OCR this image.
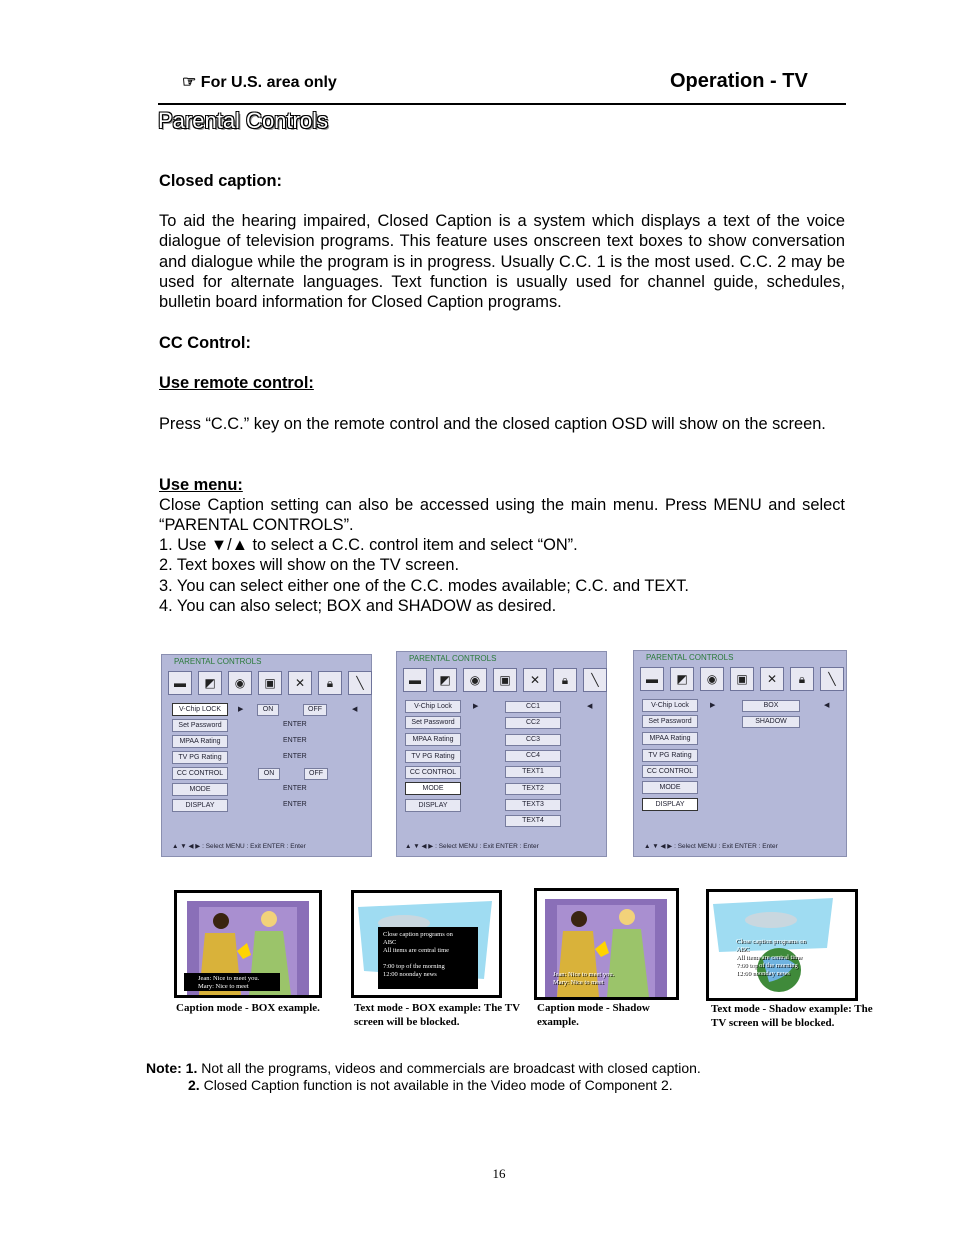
☞ For U.S. area only	Operation - TV
Parental Controls
Closed caption:
To aid the hearing impaired, Closed Caption is a system which displays a text of the voice dialogue of television programs. This feature uses onscreen text boxes to show conversation and dialogue while the program is in progress. Usually C.C. 1 is the most used. C.C. 2 may be used for alternate languages. Text function is usually used for channel guide, schedules, bulletin board information for Closed Caption programs.
CC Control:
Use remote control:
Press “C.C.” key on the remote control and the closed caption OSD will show on the screen.
Use menu:
Close Caption setting can also be accessed using the main menu. Press MENU and select “PARENTAL CONTROLS”.
1. Use ▼/▲ to select a C.C. control item and select “ON”.
2. Text boxes will show on the TV screen.
3. You can select either one of the C.C. modes available; C.C. and TEXT.
4. You can also select; BOX and SHADOW as desired.
PARENTAL CONTROLS
▬	◩	◉	▣	✕	🔒︎	╲
V-Chip LOCK
Set Password
MPAA Rating
TV PG Rating
CC CONTROL
MODE
DISPLAY
▶	ON	OFF	◀
ENTER
ENTER
ENTER
ON	OFF
ENTER
ENTER
▲ ▼ ◀ ▶ : Select MENU : Exit ENTER : Enter
PARENTAL CONTROLS
▬	◩	◉	▣	✕	🔒︎	╲
V-Chip Lock
Set Password
MPAA Rating
TV PG Rating
CC CONTROL
MODE
DISPLAY
▶	CC1
CC2
CC3
CC4
TEXT1
TEXT2
TEXT3
TEXT4
◀
▲ ▼ ◀ ▶ : Select MENU : Exit ENTER : Enter
PARENTAL CONTROLS
▬	◩	◉	▣	✕	🔒︎	╲
V-Chip Lock
Set Password
MPAA Rating
TV PG Rating
CC CONTROL
MODE
DISPLAY
▶	BOX
SHADOW
◀
▲ ▼ ◀ ▶ : Select MENU : Exit ENTER : Enter
Jean: Nice to meet you.
Mary: Nice to meet
Caption mode - BOX example.
Close caption programs on
ABC
All items are central time
7:00 top of the morning
12:00 noonday news
Text mode - BOX example: The TV screen will be blocked.
Jean: Nice to meet you.
Mary: Nice to meet
Caption mode - Shadow example.
Close caption programs on
ABC
All items are central time
7:00 top of the morning
12:00 noonday news
Text mode - Shadow example: The TV screen will be blocked.
Note: 1. Not all the programs, videos and commercials are broadcast with closed caption.
2. Closed Caption function is not available in the Video mode of Component 2.
16
